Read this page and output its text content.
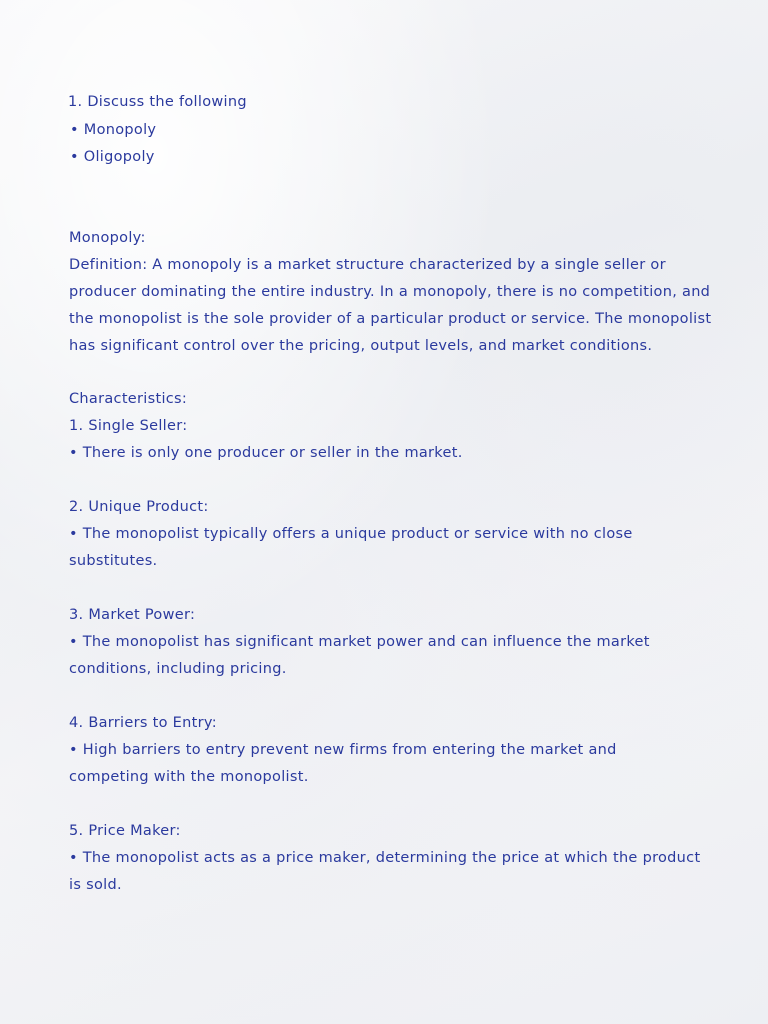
1. Discuss the following
• Monopoly
• Oligopoly
Monopoly:
Definition: A monopoly is a market structure characterized by a single seller or
producer dominating the entire industry. In a monopoly, there is no competition, and
the monopolist is the sole provider of a particular product or service. The monopolist
has significant control over the pricing, output levels, and market conditions.
Characteristics:
1. Single Seller:
• There is only one producer or seller in the market.
2. Unique Product:
• The monopolist typically offers a unique product or service with no close
substitutes.
3. Market Power:
• The monopolist has significant market power and can influence the market
conditions, including pricing.
4. Barriers to Entry:
• High barriers to entry prevent new firms from entering the market and
competing with the monopolist.
5. Price Maker:
• The monopolist acts as a price maker, determining the price at which the product
is sold.
